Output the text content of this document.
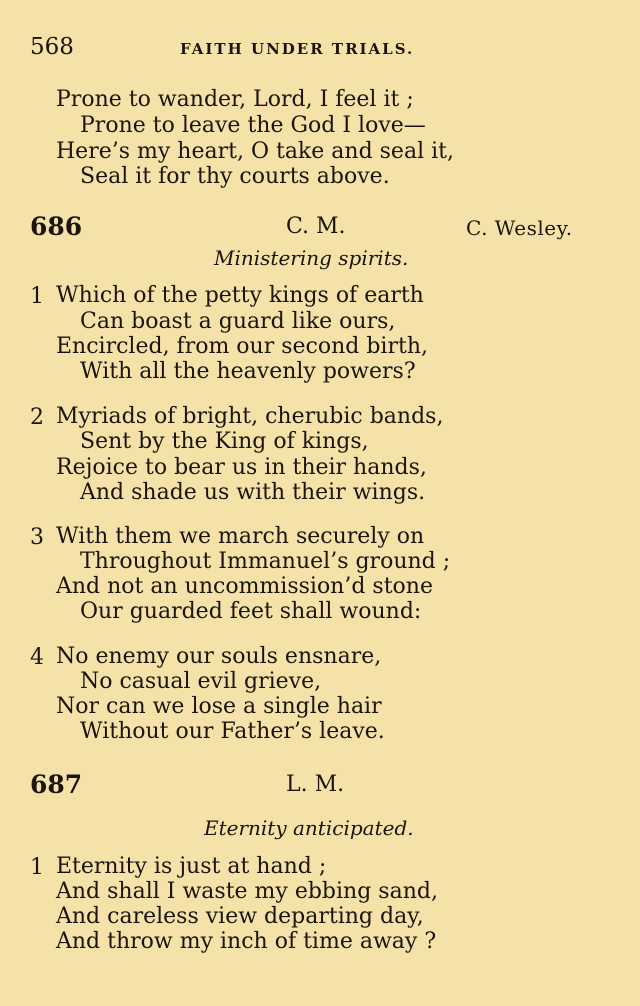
568	FAITH UNDER TRIALS.
Prone to wander, Lord, I feel it ;
Prone to leave the God I love—
Here’s my heart, O take and seal it,
Seal it for thy courts above.
686	C. M.	C. Wesley.
Ministering spirits.
1 Which of the petty kings of earth
Can boast a guard like ours,
Encircled, from our second birth,
With all the heavenly powers?
2 Myriads of bright, cherubic bands,
Sent by the King of kings,
Rejoice to bear us in their hands,
And shade us with their wings.
3 With them we march securely on
Throughout Immanuel’s ground ;
And not an uncommission’d stone
Our guarded feet shall wound:
4 No enemy our souls ensnare,
No casual evil grieve,
Nor can we lose a single hair
Without our Father’s leave.
687	L. M.
Eternity anticipated.
1 Eternity is just at hand ;
And shall I waste my ebbing sand,
And careless view departing day,
And throw my inch of time away ?
